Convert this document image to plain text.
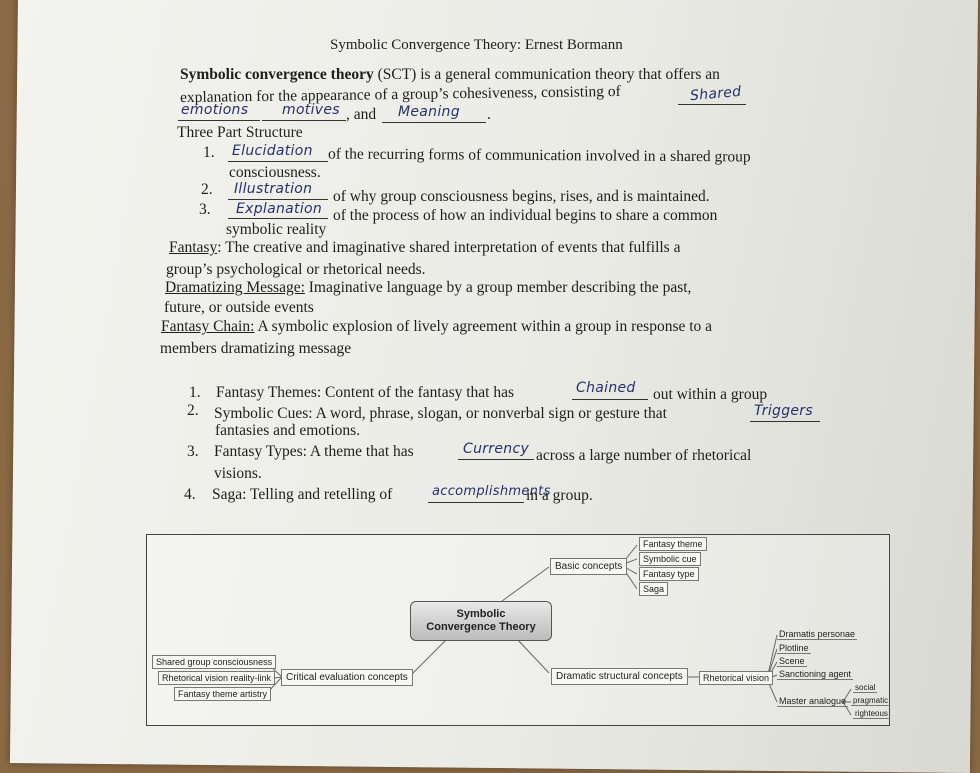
Symbolic Convergence Theory: Ernest Bormann
Symbolic convergence theory (SCT) is a general communication theory that offers an
explanation for the appearance of a group’s cohesiveness, consisting of	Shared
emotions motives , and Meaning .
Three Part Structure
1. Elucidation of the recurring forms of communication involved in a shared group
consciousness.
2. Illustration of why group consciousness begins, rises, and is maintained.
3. Explanation of the process of how an individual begins to share a common
symbolic reality
Fantasy: The creative and imaginative shared interpretation of events that fulfills a
group’s psychological or rhetorical needs.
Dramatizing Message: Imaginative language by a group member describing the past,
future, or outside events
Fantasy Chain: A symbolic explosion of lively agreement within a group in response to a
members dramatizing message
1. Fantasy Themes: Content of the fantasy that has	Chained out within a group
2. Symbolic Cues: A word, phrase, slogan, or nonverbal sign or gesture that	Triggers
fantasies and emotions.
3. Fantasy Types: A theme that has	Currency across a large number of rhetorical
visions.
4. Saga: Telling and retelling of	accomplishments
in a group.
Symbolic
Convergence Theory
Basic concepts
Fantasy theme
Symbolic cue
Fantasy type
Saga
Critical evaluation concepts
Shared group consciousness
Rhetorical vision reality-link
Fantasy theme artistry
Dramatic structural concepts	Rhetorical vision
Dramatis personae
Plotline
Scene
Sanctioning agent
Master analogue
social
pragmatic
righteous
